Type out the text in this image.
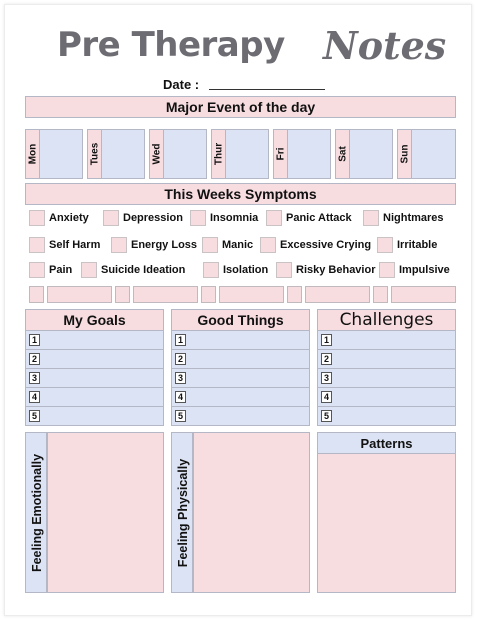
Pre Therapy Notes
Date :
Major Event of the day
Mon	Tues	Wed	Thur	Fri	Sat	Sun
This Weeks Symptoms
Anxiety	Depression Insomnia	Panic Attack	Nightmares
Self Harm	Energy Loss Manic Excessive Crying Irritable
Pain	Suicide Ideation	Isolation	Risky Behavior Impulsive
My Goals	Good Things	Challenges
1
2
3
4
5
1
2
3
4
5
1
2
3
4
5
Feeling Emotionally	Feeling Physically
Patterns
